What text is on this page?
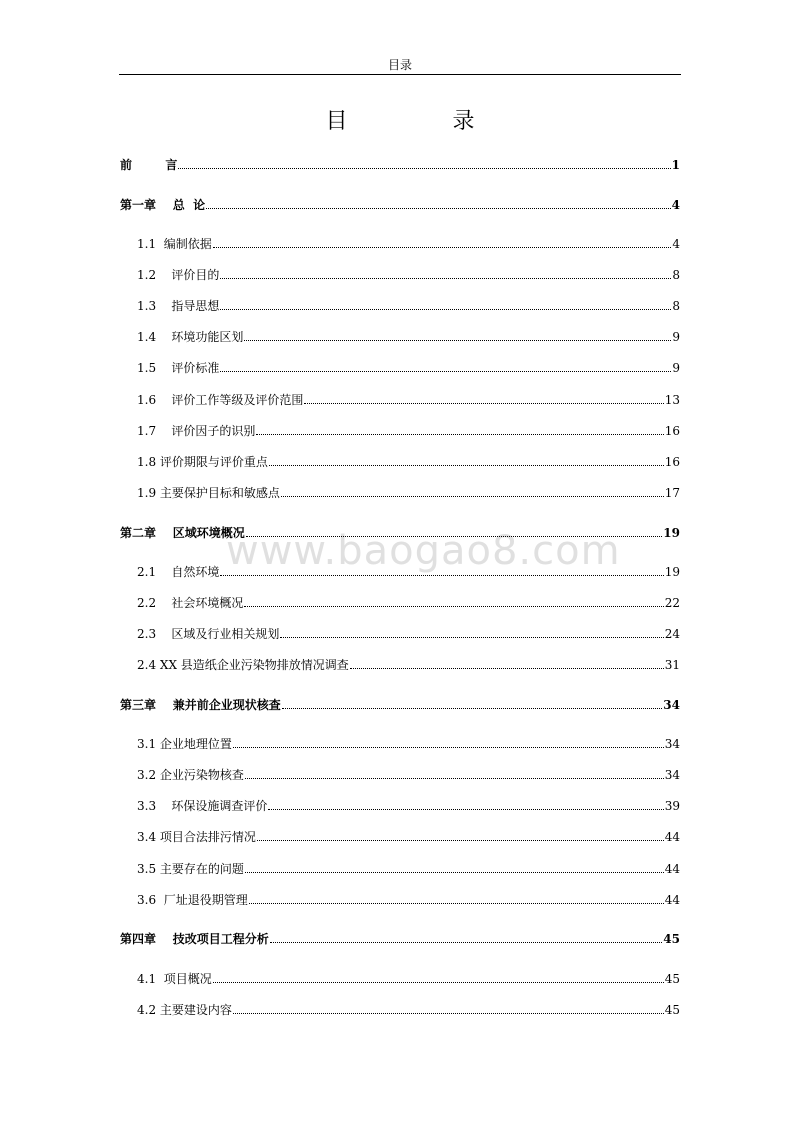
目录
目	录
www.baogao8.com
前        言	1
第一章    总  论	4
1.1  编制依据	4
1.2    评价目的	8
1.3    指导思想	8
1.4    环境功能区划	9
1.5    评价标准	9
1.6    评价工作等级及评价范围	13
1.7    评价因子的识别	16
1.8 评价期限与评价重点	16
1.9 主要保护目标和敏感点	17
第二章    区域环境概况	19
2.1    自然环境	19
2.2    社会环境概况	22
2.3    区域及行业相关规划	24
2.4 XX 县造纸企业污染物排放情况调查	31
第三章    兼并前企业现状核查	34
3.1 企业地理位置	34
3.2 企业污染物核查	34
3.3    环保设施调查评价	39
3.4 项目合法排污情况	44
3.5 主要存在的问题	44
3.6  厂址退役期管理	44
第四章    技改项目工程分析	45
4.1  项目概况	45
4.2 主要建设内容	45
